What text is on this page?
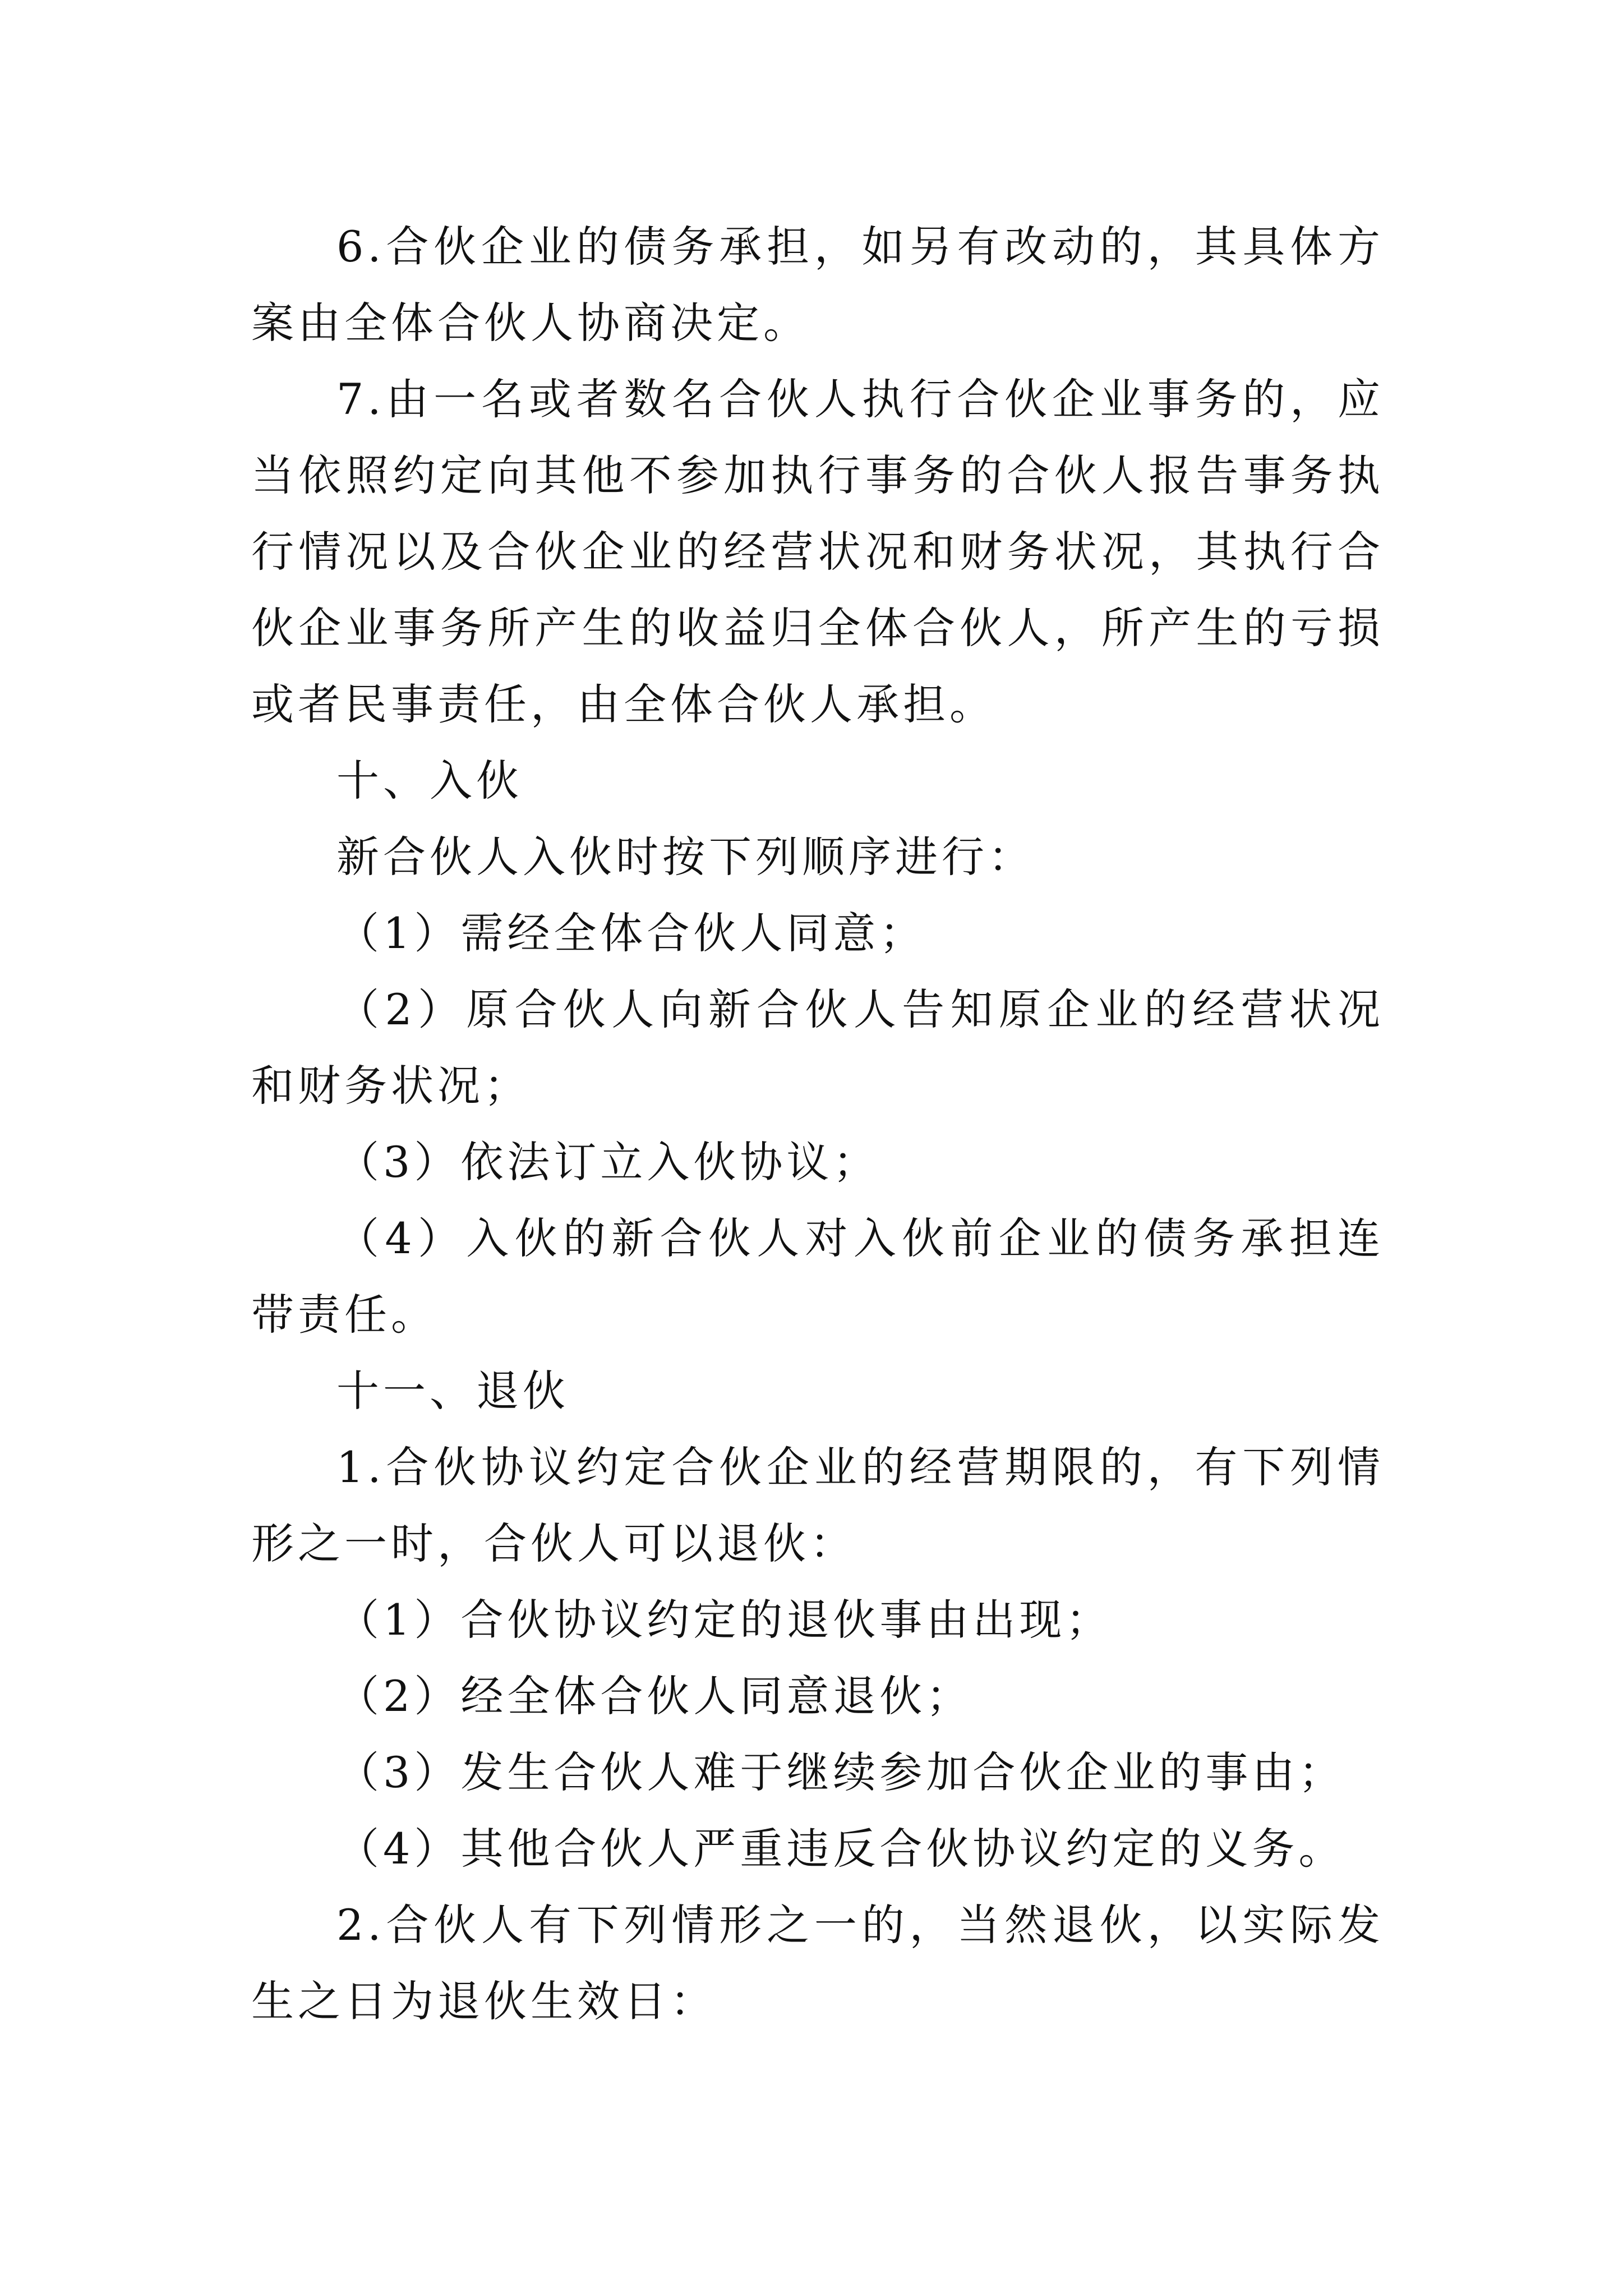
6.合伙企业的债务承担，如另有改动的，其具体方案由全体合伙人协商决定。

7.由一名或者数名合伙人执行合伙企业事务的，应当依照约定向其他不参加执行事务的合伙人报告事务执行情况以及合伙企业的经营状况和财务状况，其执行合伙企业事务所产生的收益归全体合伙人，所产生的亏损或者民事责任，由全体合伙人承担。

十、入伙

新合伙人入伙时按下列顺序进行：

（1）需经全体合伙人同意；

（2）原合伙人向新合伙人告知原企业的经营状况和财务状况；

（3）依法订立入伙协议；

（4）入伙的新合伙人对入伙前企业的债务承担连带责任。

十一、退伙

1.合伙协议约定合伙企业的经营期限的，有下列情形之一时，合伙人可以退伙：

（1）合伙协议约定的退伙事由出现；

（2）经全体合伙人同意退伙；

（3）发生合伙人难于继续参加合伙企业的事由；

（4）其他合伙人严重违反合伙协议约定的义务。

2.合伙人有下列情形之一的，当然退伙，以实际发生之日为退伙生效日：
